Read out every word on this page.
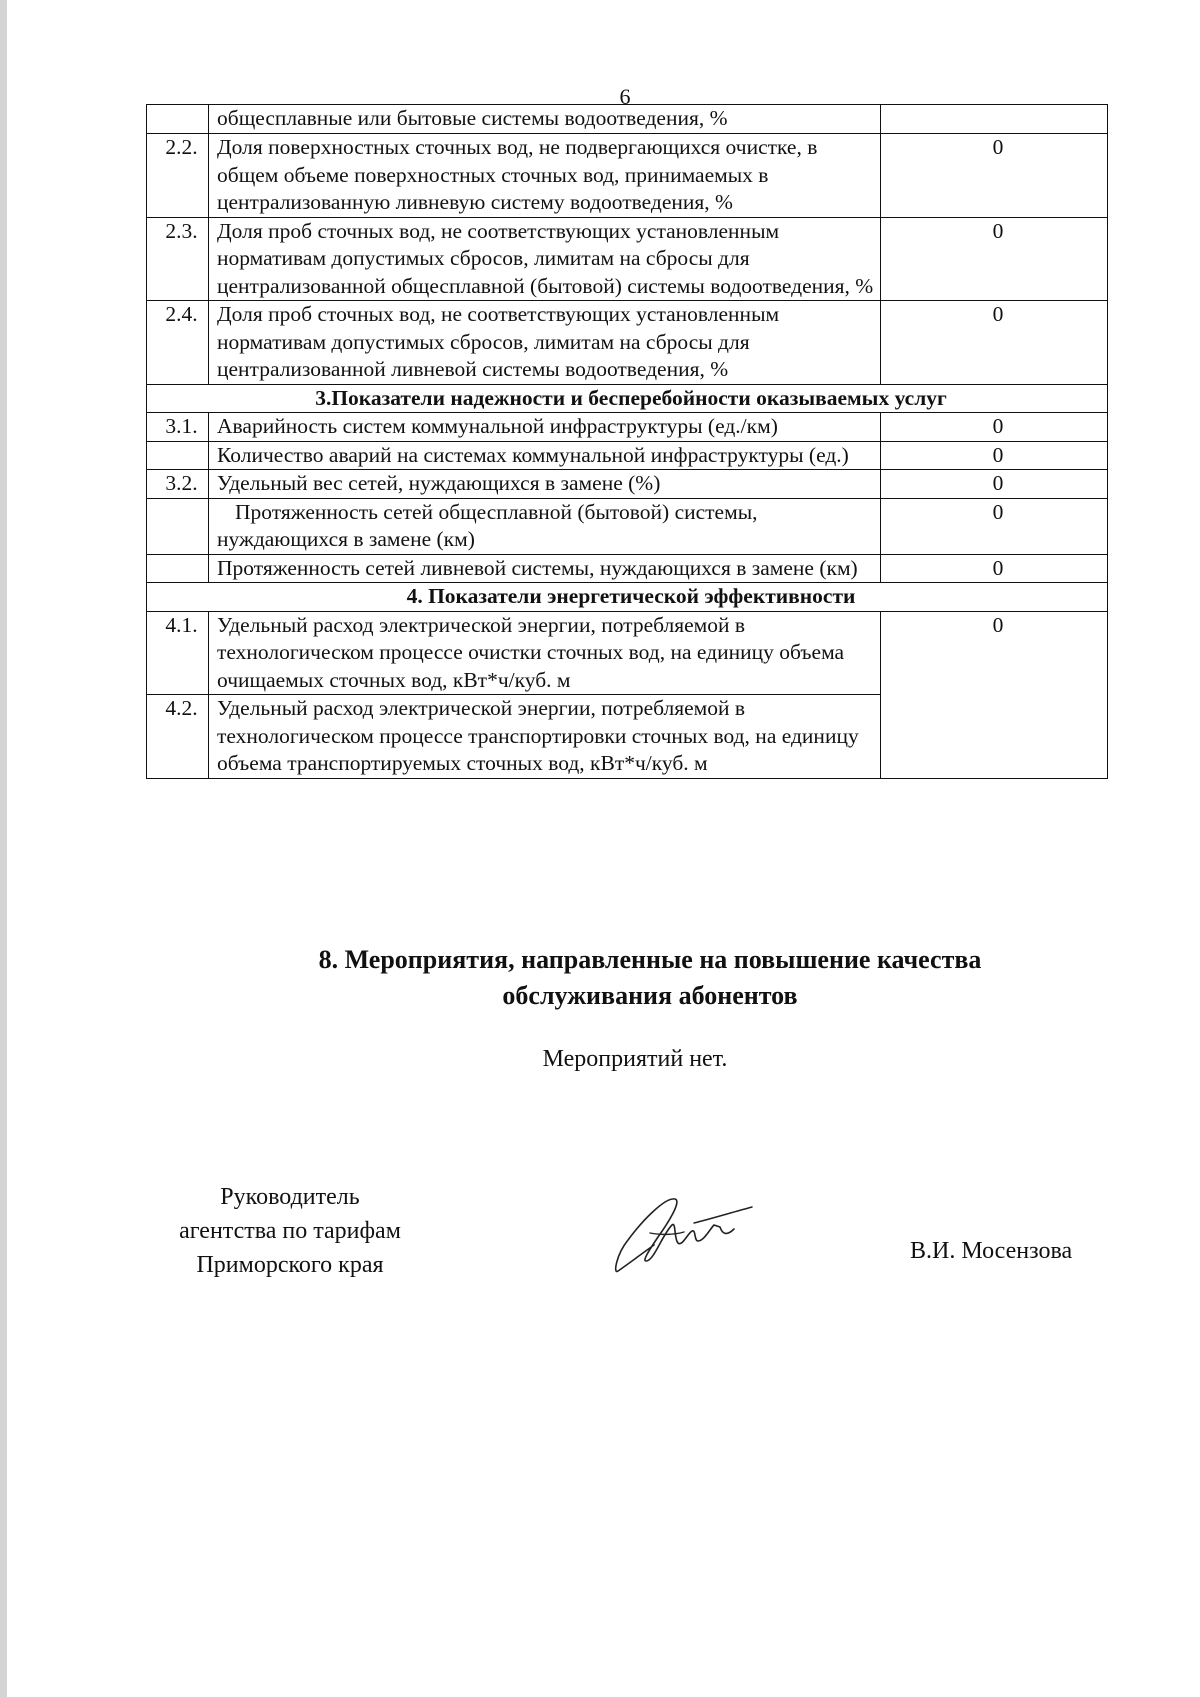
6
	общесплавные или бытовые системы водоотведения, %	
2.2.	Доля поверхностных сточных вод, не подвергающихся очистке, в общем объеме поверхностных сточных вод, принимаемых в централизованную ливневую систему водоотведения, %	0
2.3.	Доля проб сточных вод, не соответствующих установленным нормативам допустимых сбросов, лимитам на сбросы для централизованной общесплавной (бытовой) системы водоотведения, %	0
2.4.	Доля проб сточных вод, не соответствующих установленным нормативам допустимых сбросов, лимитам на сбросы для централизованной ливневой системы водоотведения, %	0
3.Показатели надежности и бесперебойности оказываемых услуг		
3.1.	Аварийность систем коммунальной инфраструктуры (ед./км)	0
	Количество аварий на системах коммунальной инфраструктуры (ед.)	0
3.2.	Удельный вес сетей, нуждающихся в замене (%)	0
	Протяженность сетей общесплавной (бытовой) системы, нуждающихся в замене (км)	0
	Протяженность сетей ливневой системы, нуждающихся в замене (км)	0
4. Показатели энергетической эффективности		
4.1.	Удельный расход электрической энергии, потребляемой в технологическом процессе очистки сточных вод, на единицу объема очищаемых сточных вод, кВт*ч/куб. м	0
4.2.	Удельный расход электрической энергии, потребляемой в технологическом процессе транспортировки сточных вод, на единицу объема транспортируемых сточных вод, кВт*ч/куб. м	
8. Мероприятия, направленные на повышение качества
обслуживания абонентов
Мероприятий нет.
Руководитель
агентства по тарифам
Приморского края
В.И. Мосензова
